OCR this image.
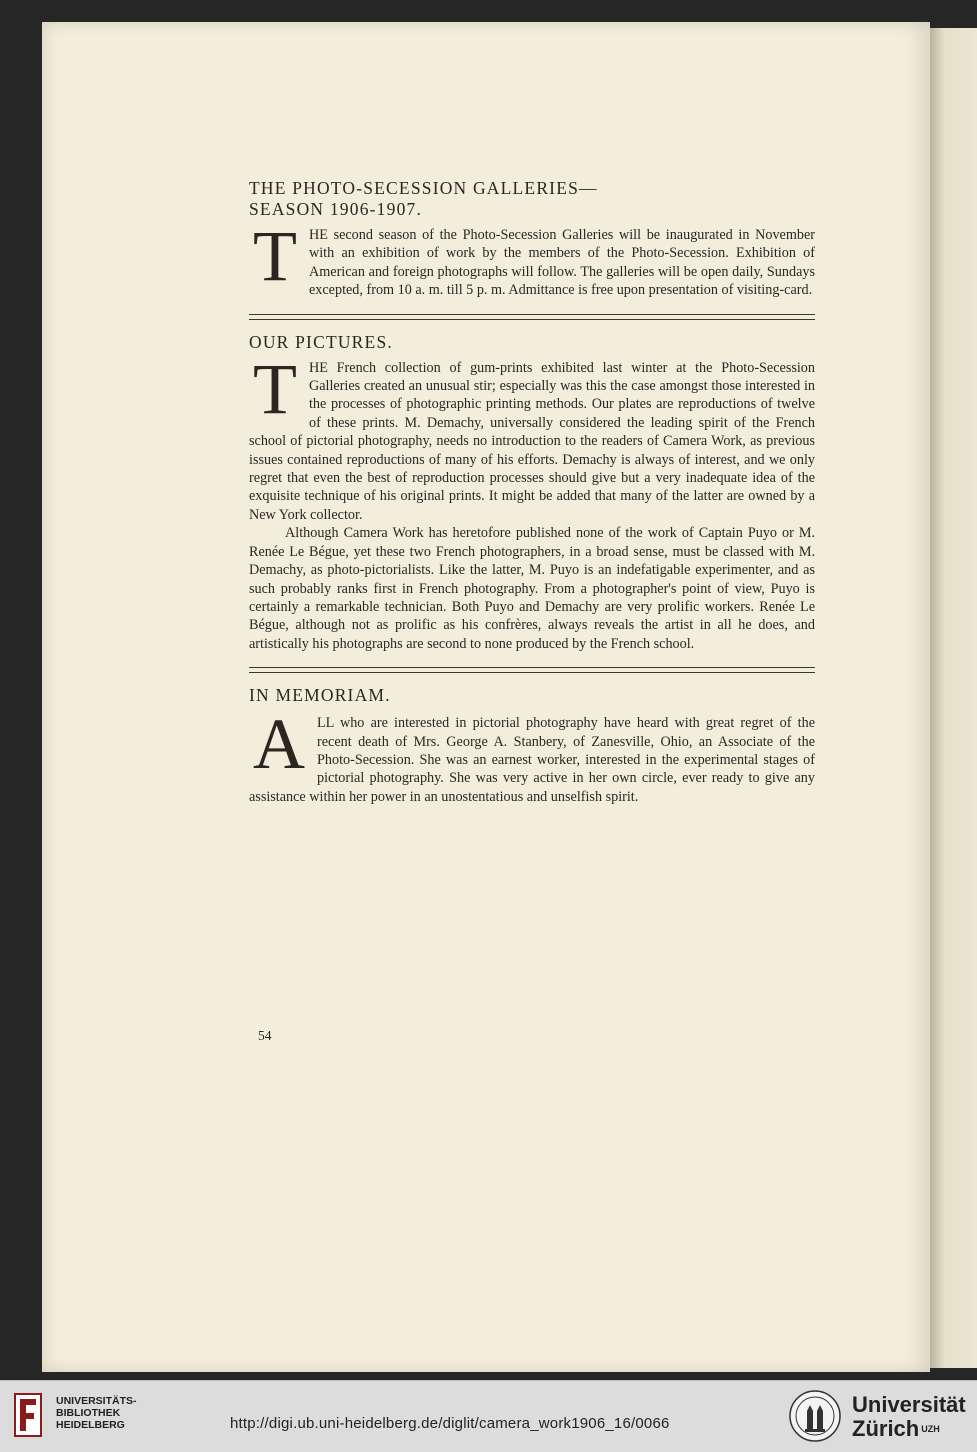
THE PHOTO-SECESSION GALLERIES—
SEASON 1906-1907.

THE second season of the Photo-Secession Galleries will be inaugurated in November with an exhibition of work by the members of the Photo-Secession. Exhibition of American and foreign photographs will follow. The galleries will be open daily, Sundays excepted, from 10 a. m. till 5 p. m. Admittance is free upon presentation of visiting-card.

OUR PICTURES.

THE French collection of gum-prints exhibited last winter at the Photo-Secession Galleries created an unusual stir; especially was this the case amongst those interested in the processes of photographic printing methods. Our plates are reproductions of twelve of these prints. M. Demachy, universally considered the leading spirit of the French school of pictorial photography, needs no introduction to the readers of Camera Work, as previous issues contained reproductions of many of his efforts. Demachy is always of interest, and we only regret that even the best of reproduction processes should give but a very inadequate idea of the exquisite technique of his original prints. It might be added that many of the latter are owned by a New York collector.

Although Camera Work has heretofore published none of the work of Captain Puyo or M. Renée Le Bégue, yet these two French photographers, in a broad sense, must be classed with M. Demachy, as photo-pictorialists. Like the latter, M. Puyo is an indefatigable experimenter, and as such probably ranks first in French photography. From a photographer's point of view, Puyo is certainly a remarkable technician. Both Puyo and Demachy are very prolific workers. Renée Le Bégue, although not as prolific as his confrères, always reveals the artist in all he does, and artistically his photographs are second to none produced by the French school.

IN MEMORIAM.

ALL who are interested in pictorial photography have heard with great regret of the recent death of Mrs. George A. Stanbery, of Zanesville, Ohio, an Associate of the Photo-Secession. She was an earnest worker, interested in the experimental stages of pictorial photography. She was very active in her own circle, ever ready to give any assistance within her power in an unostentatious and unselfish spirit.

54
UNIVERSITÄTS-
BIBLIOTHEK
HEIDELBERG	http://digi.ub.uni-heidelberg.de/diglit/camera_work1906_16/0066
Universität
Zürich $^{UZH}$
